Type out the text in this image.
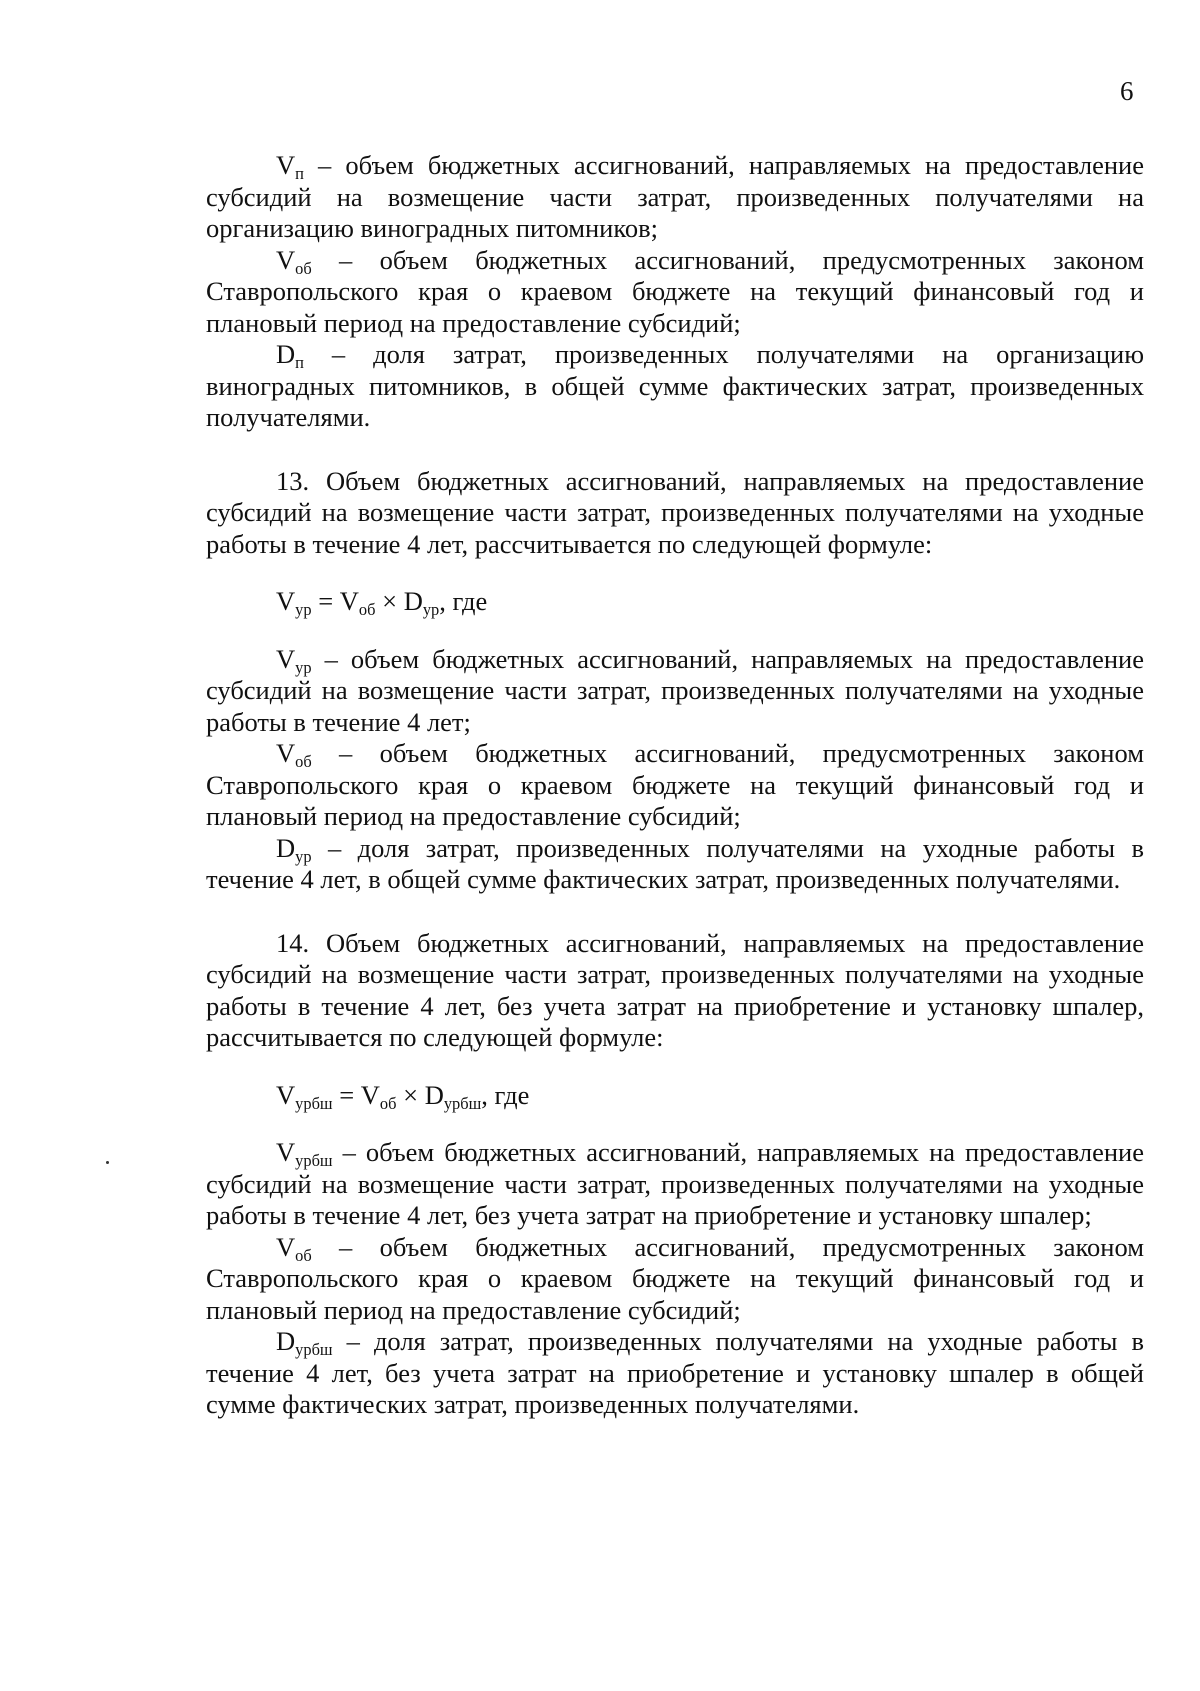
6

$V_п$ – объем бюджетных ассигнований, направляемых на предоставление субсидий на возмещение части затрат, произведенных получателями на организацию виноградных питомников;

$V_{об}$ – объем бюджетных ассигнований, предусмотренных законом Ставропольского края о краевом бюджете на текущий финансовый год и плановый период на предоставление субсидий;

$D_п$ – доля затрат, произведенных получателями на организацию виноградных питомников, в общей сумме фактических затрат, произведенных получателями.

13. Объем бюджетных ассигнований, направляемых на предоставление субсидий на возмещение части затрат, произведенных получателями на уходные работы в течение 4 лет, рассчитывается по следующей формуле:

$V_{ур} = V_{об} \times D_{ур}$, где

$V_{ур}$ – объем бюджетных ассигнований, направляемых на предоставление субсидий на возмещение части затрат, произведенных получателями на уходные работы в течение 4 лет;

$V_{об}$ – объем бюджетных ассигнований, предусмотренных законом Ставропольского края о краевом бюджете на текущий финансовый год и плановый период на предоставление субсидий;

$D_{ур}$ – доля затрат, произведенных получателями на уходные работы в течение 4 лет, в общей сумме фактических затрат, произведенных получателями.

14. Объем бюджетных ассигнований, направляемых на предоставление субсидий на возмещение части затрат, произведенных получателями на уходные работы в течение 4 лет, без учета затрат на приобретение и установку шпалер, рассчитывается по следующей формуле:

$V_{урбш} = V_{об} \times D_{урбш}$, где

$V_{урбш}$ – объем бюджетных ассигнований, направляемых на предоставление субсидий на возмещение части затрат, произведенных получателями на уходные работы в течение 4 лет, без учета затрат на приобретение и установку шпалер;

$V_{об}$ – объем бюджетных ассигнований, предусмотренных законом Ставропольского края о краевом бюджете на текущий финансовый год и плановый период на предоставление субсидий;

$D_{урбш}$ – доля затрат, произведенных получателями на уходные работы в течение 4 лет, без учета затрат на приобретение и установку шпалер в общей сумме фактических затрат, произведенных получателями.
